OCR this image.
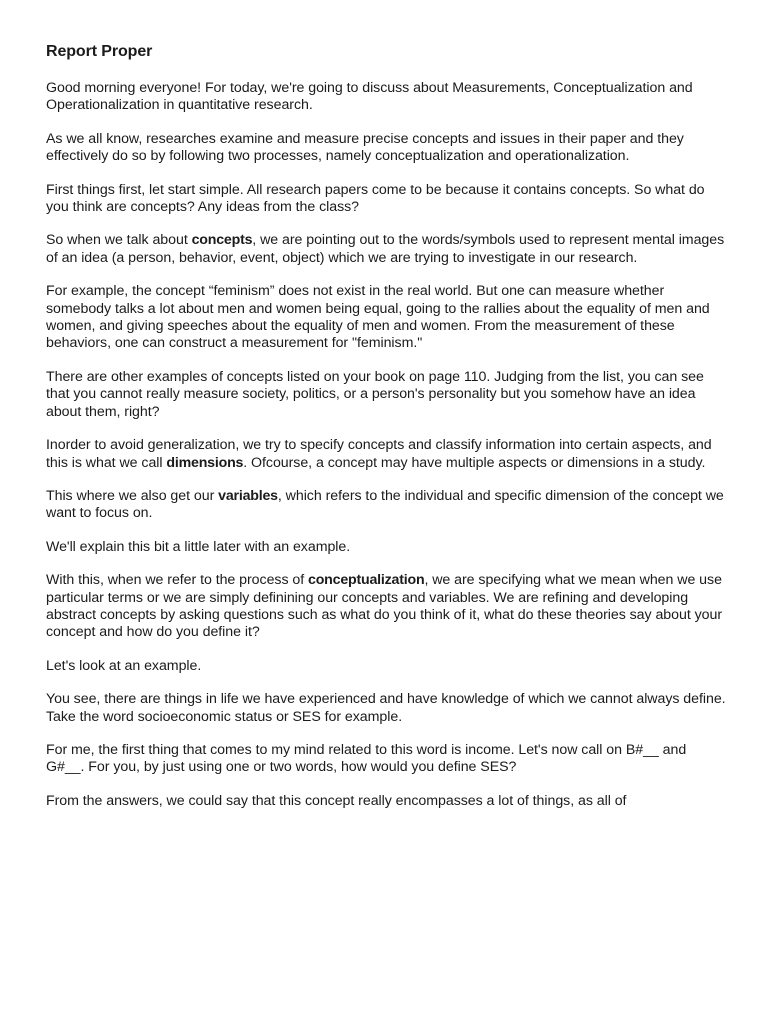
Report Proper

Good morning everyone! For today, we're going to discuss about Measurements, Conceptualization and Operationalization in quantitative research.

As we all know, researches examine and measure precise concepts and issues in their paper and they effectively do so by following two processes, namely conceptualization and operationalization.

First things first, let start simple. All research papers come to be because it contains concepts. So what do you think are concepts? Any ideas from the class?

So when we talk about concepts, we are pointing out to the words/symbols used to represent mental images of an idea (a person, behavior, event, object) which we are trying to investigate in our research.

For example, the concept “feminism” does not exist in the real world. But one can measure whether somebody talks a lot about men and women being equal, going to the rallies about the equality of men and women, and giving speeches about the equality of men and women. From the measurement of these behaviors, one can construct a measurement for "feminism."

There are other examples of concepts listed on your book on page 110. Judging from the list, you can see that you cannot really measure society, politics, or a person's personality but you somehow have an idea about them, right?

Inorder to avoid generalization, we try to specify concepts and classify information into certain aspects, and this is what we call dimensions. Ofcourse, a concept may have multiple aspects or dimensions in a study.

This where we also get our variables, which refers to the individual and specific dimension of the concept we want to focus on.

We'll explain this bit a little later with an example.

With this, when we refer to the process of conceptualization, we are specifying what we mean when we use particular terms or we are simply definining our concepts and variables. We are refining and developing abstract concepts by asking questions such as what do you think of it, what do these theories say about your concept and how do you define it?

Let's look at an example.

You see, there are things in life we have experienced and have knowledge of which we cannot always define. Take the word socioeconomic status or SES for example.

For me, the first thing that comes to my mind related to this word is income. Let's now call on B#__ and G#__. For you, by just using one or two words, how would you define SES?

From the answers, we could say that this concept really encompasses a lot of things, as all of
